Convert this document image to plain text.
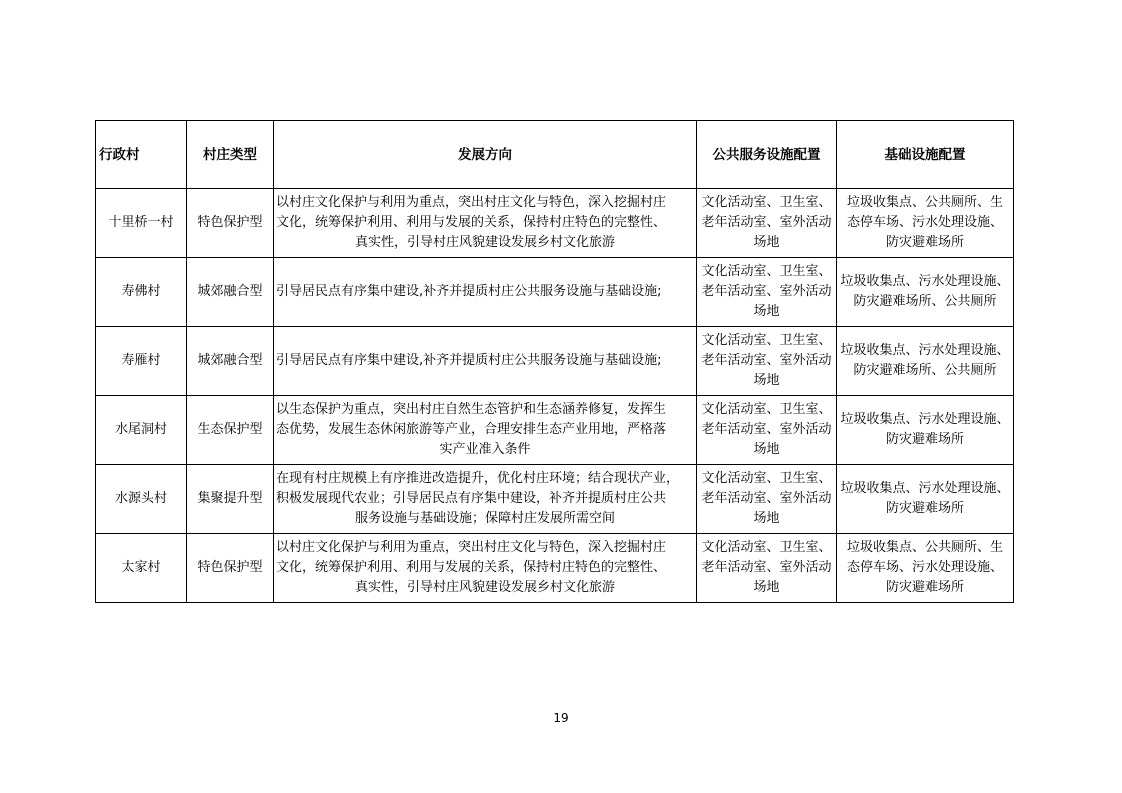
行政村	村庄类型	发展方向	公共服务设施配置	基础设施配置
十里桥一村	特色保护型	以村庄文化保护与利用为重点，突出村庄文化与特色，深入挖掘村庄
文化，统筹保护利用、利用与发展的关系，保持村庄特色的完整性、
真实性，引导村庄风貌建设发展乡村文化旅游	文化活动室、卫生室、
老年活动室、室外活动
场地	垃圾收集点、公共厕所、生
态停车场、污水处理设施、
防灾避难场所

寿佛村	城郊融合型	引导居民点有序集中建设,补齐并提质村庄公共服务设施与基础设施;	文化活动室、卫生室、
老年活动室、室外活动
场地	垃圾收集点、污水处理设施、
防灾避难场所、公共厕所

寿雁村	城郊融合型	引导居民点有序集中建设,补齐并提质村庄公共服务设施与基础设施;	文化活动室、卫生室、
老年活动室、室外活动
场地	垃圾收集点、污水处理设施、
防灾避难场所、公共厕所

水尾洞村	生态保护型	以生态保护为重点，突出村庄自然生态管护和生态涵养修复，发挥生
态优势，发展生态休闲旅游等产业，合理安排生态产业用地，严格落
实产业准入条件	文化活动室、卫生室、
老年活动室、室外活动
场地	垃圾收集点、污水处理设施、
防灾避难场所

水源头村	集聚提升型	在现有村庄规模上有序推进改造提升，优化村庄环境；结合现状产业，
积极发展现代农业；引导居民点有序集中建设，补齐并提质村庄公共
服务设施与基础设施；保障村庄发展所需空间	文化活动室、卫生室、
老年活动室、室外活动
场地	垃圾收集点、污水处理设施、
防灾避难场所

太家村	特色保护型	以村庄文化保护与利用为重点，突出村庄文化与特色，深入挖掘村庄
文化，统筹保护利用、利用与发展的关系，保持村庄特色的完整性、
真实性，引导村庄风貌建设发展乡村文化旅游	文化活动室、卫生室、
老年活动室、室外活动
场地	垃圾收集点、公共厕所、生
态停车场、污水处理设施、
防灾避难场所
19
